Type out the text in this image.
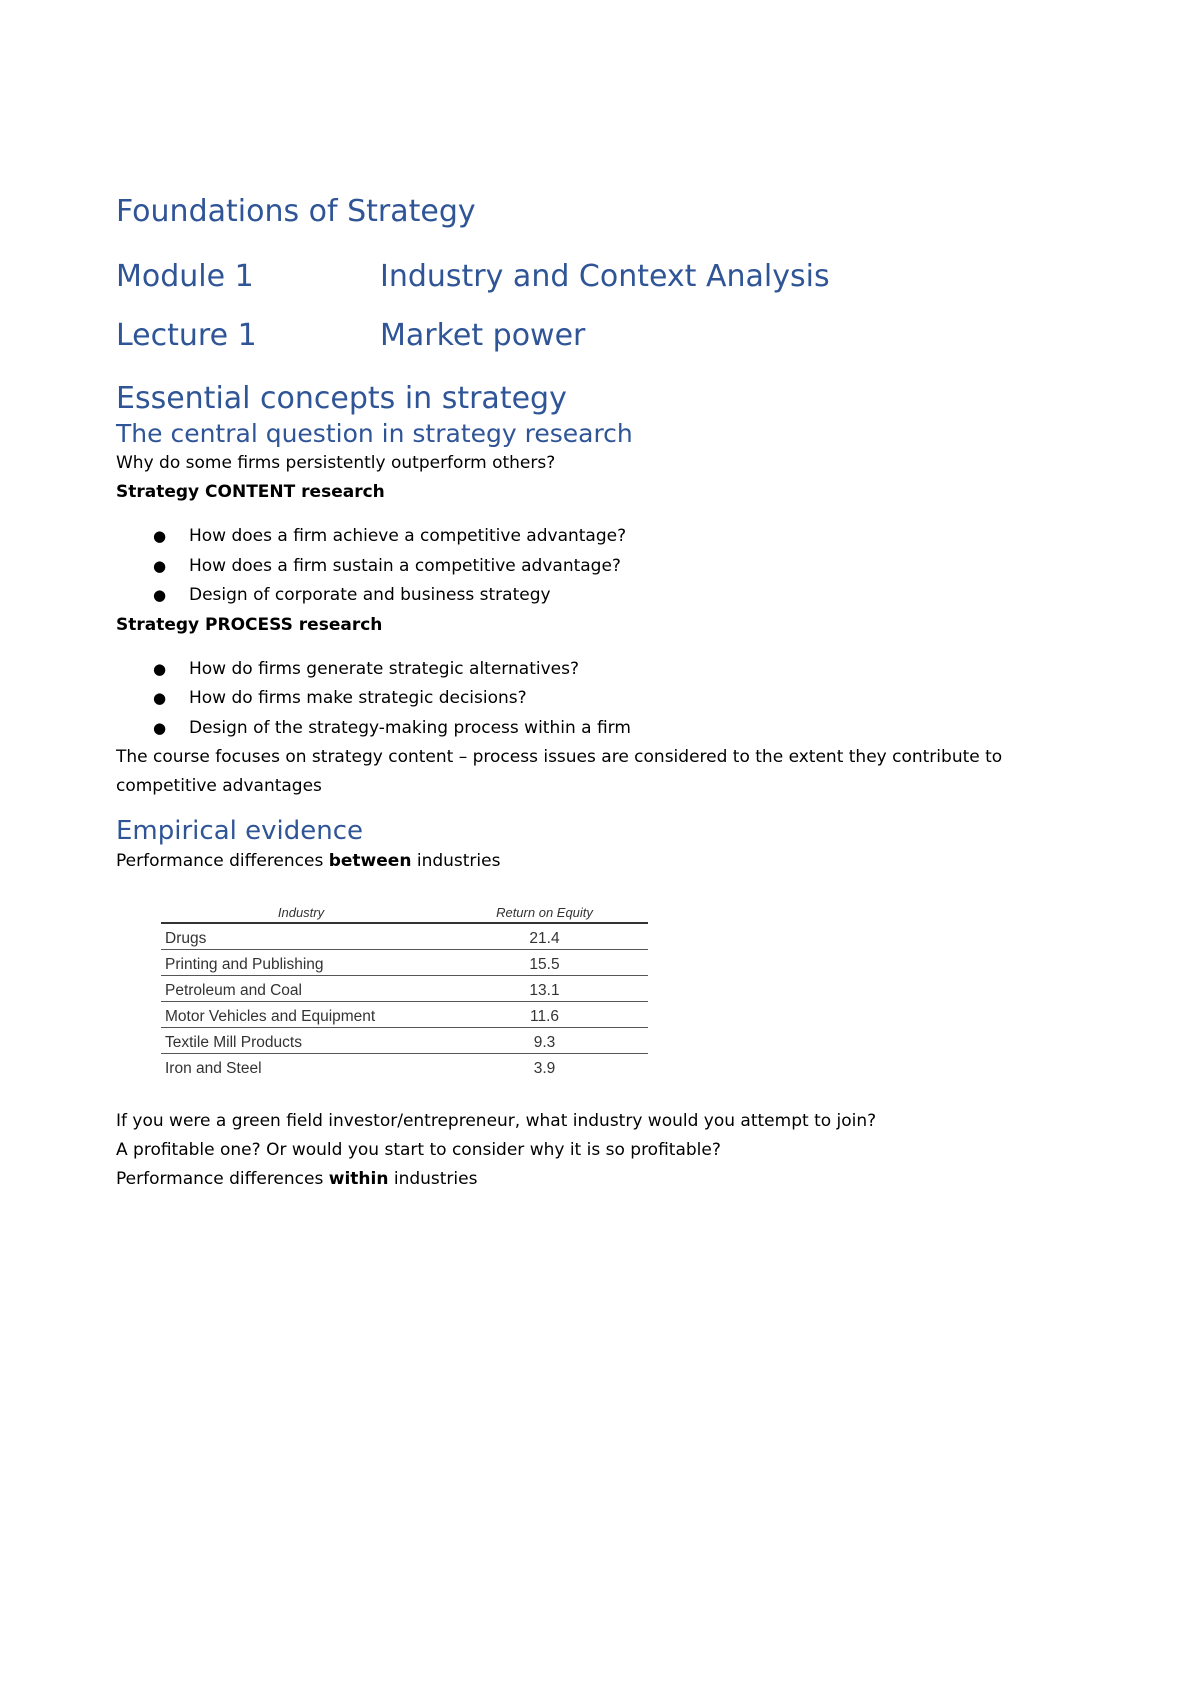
Foundations of Strategy
Module 1	Industry and Context Analysis
Lecture 1	Market power
Essential concepts in strategy
The central question in strategy research

Why do some firms persistently outperform others?

Strategy CONTENT research

● How does a firm achieve a competitive advantage?
● How does a firm sustain a competitive advantage?
● Design of corporate and business strategy

Strategy PROCESS research

● How do firms generate strategic alternatives?
● How do firms make strategic decisions?
● Design of the strategy-making process within a firm

The course focuses on strategy content – process issues are considered to the extent they contribute to competitive advantages

Empirical evidence

Performance differences between industries

Industry	Return on Equity
Drugs	21.4
Printing and Publishing	15.5
Petroleum and Coal	13.1
Motor Vehicles and Equipment	11.6
Textile Mill Products	9.3
Iron and Steel	3.9

If you were a green field investor/entrepreneur, what industry would you attempt to join?

A profitable one? Or would you start to consider why it is so profitable?

Performance differences within industries
